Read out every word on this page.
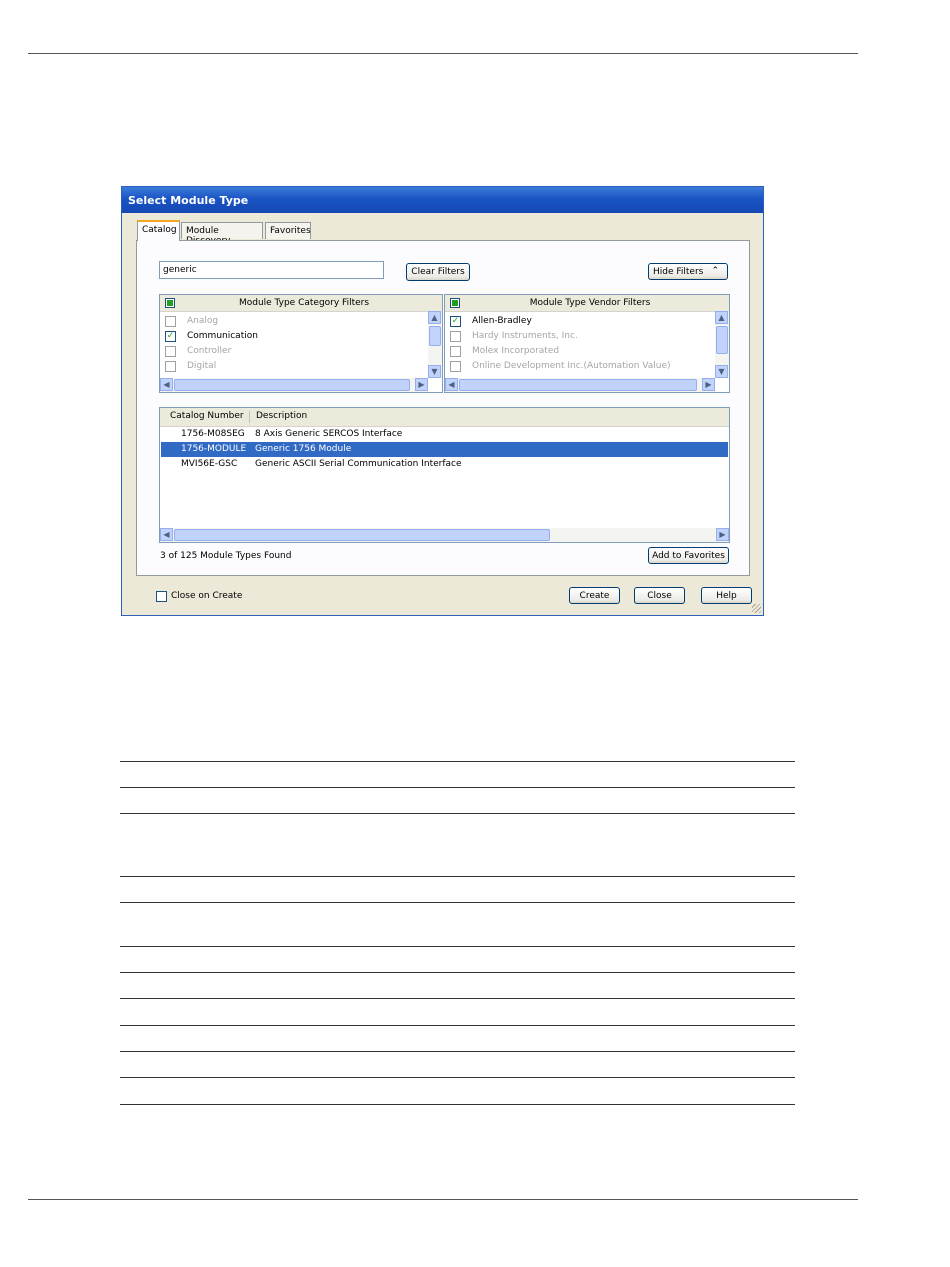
Select Module Type
Catalog	Module	Favorites
generic	Clear Filters	Hide Filters ⌃
Module Type Category Filters
Analog
✓ Communication
Controller
Digital
▲
▼
◀	▶
Module Type Vendor Filters
✓ Allen-Bradley
Hardy Instruments, Inc.
Molex Incorporated
Online Development Inc.(Automation Value)
▲
▼
◀	▶
Catalog Number Description
1756-M08SEG 8 Axis Generic SERCOS Interface
1756-MODULE Generic 1756 Module
MVI56E-GSC Generic ASCII Serial Communication Interface
◀	▶
3 of 125 Module Types Found	Add to Favorites
Close on Create	Create	Close	Help
